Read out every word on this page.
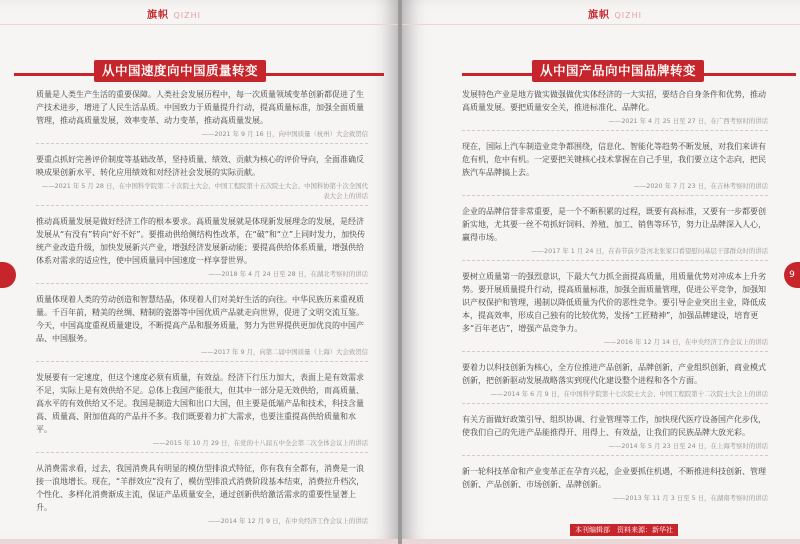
旗帜 QIZHI
从中国速度向中国质量转变

质量是人类生产生活的重要保障。人类社会发展历程中，每一次质量领域变革创新都促进了生产技术进步，增进了人民生活品质。中国致力于质量提升行动，提高质量标准，加强全面质量管理，推动高质量发展，效率变革、动力变革，推动高质量发展。

——2021 年 9 月 16 日，向中国质量（杭州）大会致贺信

要重点抓好完善评价制度等基础改革，坚持质量、绩效、贡献为核心的评价导向，全面准确反映成果创新水平、转化应用绩效和对经济社会发展的实际贡献。

——2021 年 5 月 28 日，在中国科学院第二十次院士大会、中国工程院第十五次院士大会、中国科协第十次全国代表大会上的讲话

推动高质量发展是做好经济工作的根本要求。高质量发展就是体现新发展理念的发展，是经济发展从“有没有”转向“好不好”。要推动供给侧结构性改革，在“破”和“立”上同时发力，加快传统产业改造升级，加快发展新兴产业，增强经济发展新动能；要提高供给体系质量，增强供给体系对需求的适应性，使中国质量同中国速度一样享誉世界。

——2018 年 4 月 24 日至 28 日，在湖北考察时的讲话

质量体现着人类的劳动创造和智慧结晶，体现着人们对美好生活的向往。中华民族历来重视质量。千百年前，精美的丝绸、精制的瓷器等中国优质产品就走向世界，促进了文明交流互鉴。今天，中国高度重视质量建设，不断提高产品和服务质量，努力为世界提供更加优良的中国产品、中国服务。

——2017 年 9 月，向第二届中国质量（上海）大会致贺信

发展要有一定速度，但这个速度必须有质量，有效益。经济下行压力加大，表面上是有效需求不足，实际上是有效供给不足。总体上我国产能很大，但其中一部分是无效供给，而高质量、高水平的有效供给又不足。我国是制造大国和出口大国，但主要是低端产品和技术，科技含量高、质量高、附加值高的产品并不多。我们既要着力扩大需求，也要注重提高供给质量和水平。

——2015 年 10 月 29 日，在党的十八届五中全会第二次全体会议上的讲话

从消费需求看，过去，我国消费具有明显的模仿型排浪式特征，你有我有全都有，消费是一浪接一浪地增长。现在，“羊群效应”没有了，模仿型排浪式消费阶段基本结束，消费拉升档次，个性化、多样化消费渐成主流，保证产品质量安全，通过创新供给激活需求的重要性显著上升。

——2014 年 12 月 9 日，在中央经济工作会议上的讲话

旗帜 QIZHI
从中国产品向中国品牌转变

发展特色产业是地方做实做强做优实体经济的一大实招，要结合自身条件和优势，推动高质量发展。要把质量安全关，推进标准化、品牌化。

——2021 年 4 月 25 日至 27 日，在广西考察时的讲话

现在，国际上汽车制造业竞争都围绕，信息化、智能化等趋势不断发展，对我们来讲有危有机，危中有机。一定要把关键核心技术掌握在自己手里，我们要立这个志向，把民族汽车品牌搞上去。

——2020 年 7 月 23 日，在吉林考察时的讲话

企业的品牌信誉非常重要，是一个不断积累的过程，既要有高标准，又要有一步都要创新实地，尤其要一丝不苟抓好饲料、养殖、加工、销售等环节，努力让品牌深入人心，赢得市场。

——2017 年 1 月 24 日，在春节前夕赴河北张家口看望慰问基层干部群众时的讲话

要树立质量第一的强烈意识，下最大气力抓全面提高质量，用质量优势对冲成本上升劣势。要开展质量提升行动，提高质量标准，加强全面质量管理，促进公平竞争，加强知识产权保护和管理，遏制以降低质量为代价的恶性竞争。要引导企业突出主业，降低成本，提高效率，形成自己独有的比较优势，发扬“工匠精神”，加强品牌建设，培育更多“百年老店”，增强产品竞争力。

——2016 年 12 月 14 日，在中央经济工作会议上的讲话

要着力以科技创新为核心，全方位推进产品创新，品牌创新，产业组织创新，商业模式创新，把创新驱动发展战略落实到现代化建设整个进程和各个方面。

——2014 年 6 月 9 日，在中国科学院第十七次院士大会、中国工程院第十二次院士大会上的讲话

有关方面做好政策引导、组织协调、行业管理等工作，加快现代医疗设备国产化步伐，使我们自己的先进产品能推得开、用得上、有效益，让我们的民族品牌大放光彩。

——2014 年 5 月 23 日至 24 日，在上海考察时的讲话

新一轮科技革命和产业变革正在孕育兴起，企业要抓住机遇，不断推进科技创新、管理创新、产品创新、市场创新、品牌创新。

——2013 年 11 月 3 日至 5 日，在湖南考察时的讲话

9
本刊编辑部　资料来源：新华社
